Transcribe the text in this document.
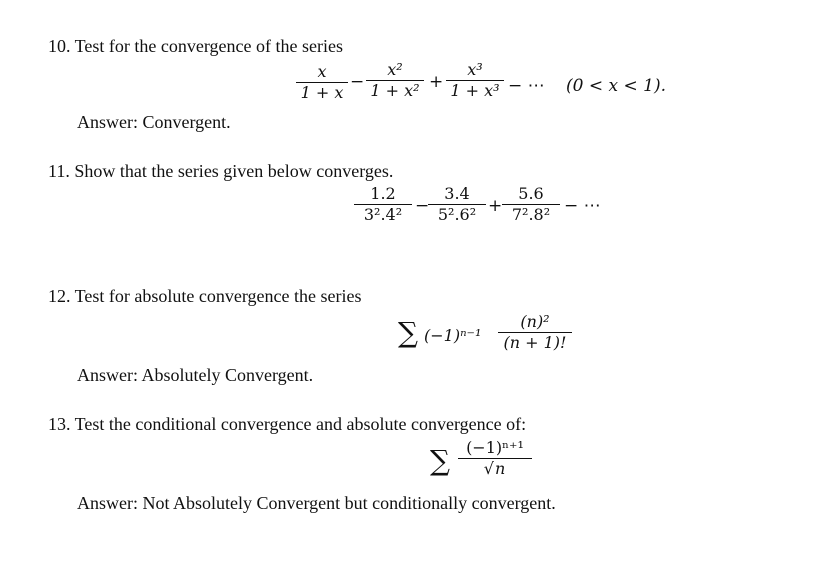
10. Test for the convergence of the series
x
1 + x
−
x²
1 + x² +
x³
1 + x³ − ⋯ (0 < x < 1).
Answer: Convergent.
11. Show that the series given below converges.
1.2
3².4² −
3.4
5².6² +
5.6
7².8² − ⋯
12. Test for absolute convergence the series
∑ (−1)ⁿ⁻¹
(n)²
(n + 1)!
Answer: Absolutely Convergent.
13. Test the conditional convergence and absolute convergence of:
∑	(−1)ⁿ⁺¹
√n
Answer: Not Absolutely Convergent but conditionally convergent.
